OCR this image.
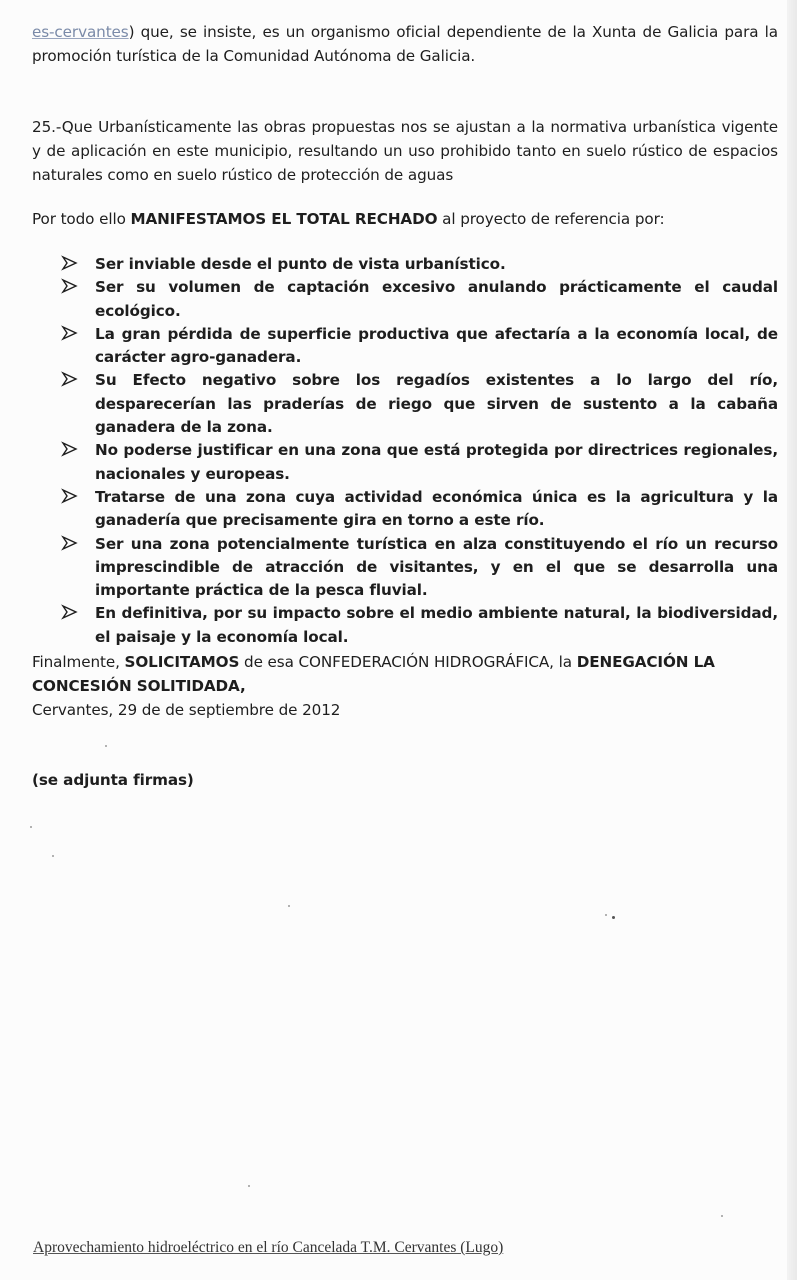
es-cervantes) que, se insiste, es un organismo oficial dependiente de la Xunta de Galicia para la promoción turística de la Comunidad Autónoma de Galicia.

25.-Que Urbanísticamente las obras propuestas nos se ajustan a la normativa urbanística vigente y de aplicación en este municipio, resultando un uso prohibido tanto en suelo rústico de espacios naturales como en suelo rústico de protección de aguas

Por todo ello MANIFESTAMOS EL TOTAL RECHADO al proyecto de referencia por:

Ser inviable desde el punto de vista urbanístico.
Ser su volumen de captación excesivo anulando prácticamente el caudal ecológico.
La gran pérdida de superficie productiva que afectaría a la economía local, de carácter agro-ganadera.
Su Efecto negativo sobre los regadíos existentes a lo largo del río, desparecerían las praderías de riego que sirven de sustento a la cabaña ganadera de la zona.
No poderse justificar en una zona que está protegida por directrices regionales, nacionales y europeas.
Tratarse de una zona cuya actividad económica única es la agricultura y la ganadería que precisamente gira en torno a este río.
Ser una zona potencialmente turística en alza constituyendo el río un recurso imprescindible de atracción de visitantes, y en el que se desarrolla una importante práctica de la pesca fluvial.
En definitiva, por su impacto sobre el medio ambiente natural, la biodiversidad, el paisaje y la economía local.

Finalmente, SOLICITAMOS de esa CONFEDERACIÓN HIDROGRÁFICA, la DENEGACIÓN LA CONCESIÓN SOLITIDADA,

Cervantes, 29 de de septiembre de 2012

(se adjunta firmas)

Aprovechamiento hidroeléctrico en el río Cancelada T.M. Cervantes (Lugo)
